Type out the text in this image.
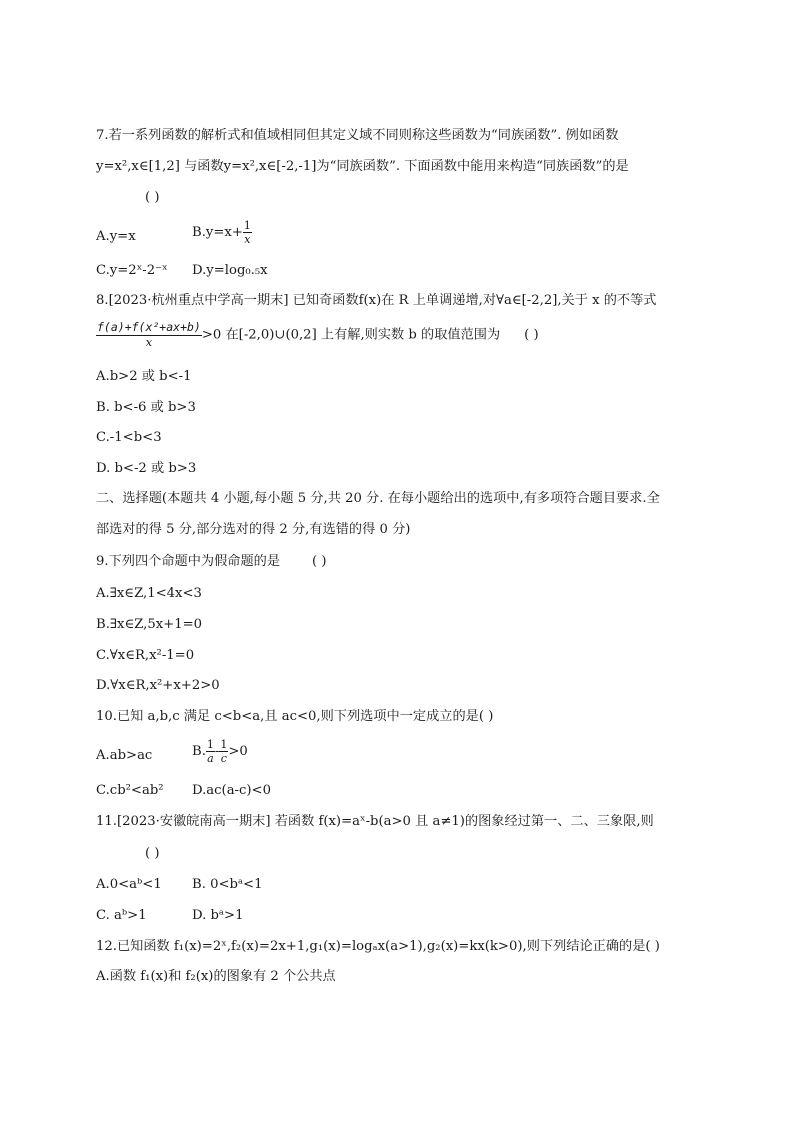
7.若一系列函数的解析式和值域相同但其定义域不同则称这些函数为“同族函数”. 例如函数
y=x²,x∈[1,2] 与函数y=x²,x∈[-2,-1]为“同族函数”. 下面函数中能用来构造“同族函数”的是
( )
A.y=x	$B.y=x+ \frac{1}{x}$
C.y=2ˣ-2⁻ˣ D.y=log₀.₅x
8.[2023·杭州重点中学高一期末] 已知奇函数f(x)在 R 上单调递增,对∀a∈[-2,2],关于 x 的不等式
$\frac{\text{f(a)+f(x²+ax+b)}}{x} >0$ 在[-2,0)∪(0,2] 上有解,则实数 b 的取值范围为 ( )
A.b>2 或 b<-1
B. b<-6 或 b>3
C.-1<b<3
D. b<-2 或 b>3
二、选择题(本题共 4 小题,每小题 5 分,共 20 分. 在每小题给出的选项中,有多项符合题目要求.全
部选对的得 5 分,部分选对的得 2 分,有选错的得 0 分)
9.下列四个命题中为假命题的是 ( )
A.∃x∈Z,1<4x<3
B.∃x∈Z,5x+1=0
C.∀x∈R,x²-1=0
D.∀x∈R,x²+x+2>0
10.已知 a,b,c 满足 c<b<a,且 ac<0,则下列选项中一定成立的是( )
A.ab>ac	B. $\frac{1}{a} - \frac{1}{c} >0$
C.cb²<ab² D.ac(a-c)<0
11.[2023·安徽皖南高一期末] 若函数 f(x)=aˣ-b(a>0 且 a≠1)的图象经过第一、二、三象限,则
( )
A.0<aᵇ<1 B. 0<bᵃ<1
C. aᵇ>1	D. bᵃ>1
12.已知函数 f₁(x)=2ˣ,f₂(x)=2x+1,g₁(x)=logₐx(a>1),g₂(x)=kx(k>0),则下列结论正确的是( )
A.函数 f₁(x)和 f₂(x)的图象有 2 个公共点
